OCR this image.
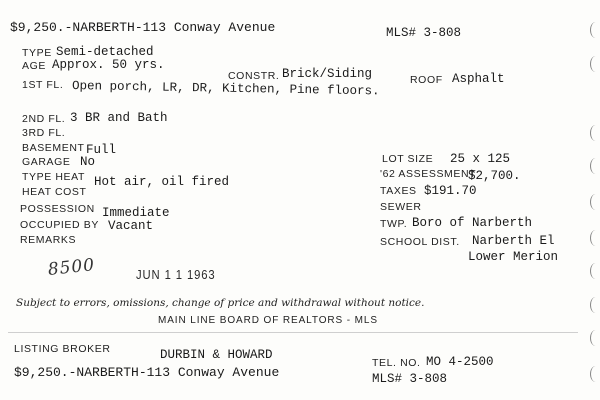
$9,250.-NARBERTH-113 Conway Avenue	MLS# 3-808
TYPE Semi-detached
AGE Approx. 50 yrs.
CONSTR. Brick/Siding	ROOF Asphalt
1ST FL. Open porch, LR, DR, Kitchen, Pine floors.
2ND FL. 3 BR and Bath
3RD FL.
BASEMENT Full
GARAGE No
TYPE HEAT Hot air, oil fired
HEAT COST
POSSESSION Immediate
OCCUPIED BY Vacant
REMARKS
LOT SIZE 25 x 125
'62 ASSESSMENT
$2,700.
TAXES $191.70
SEWER
TWP. Boro of Narberth
SCHOOL DIST. Narberth El
Lower Merion
8500	JUN 1 1 1963
Subject to errors, omissions, change of price and withdrawal without notice.
MAIN LINE BOARD OF REALTORS - MLS
LISTING BROKER	DURBIN & HOWARD
TEL. NO. MO 4-2500
$9,250.-NARBERTH-113 Conway Avenue	MLS# 3-808
